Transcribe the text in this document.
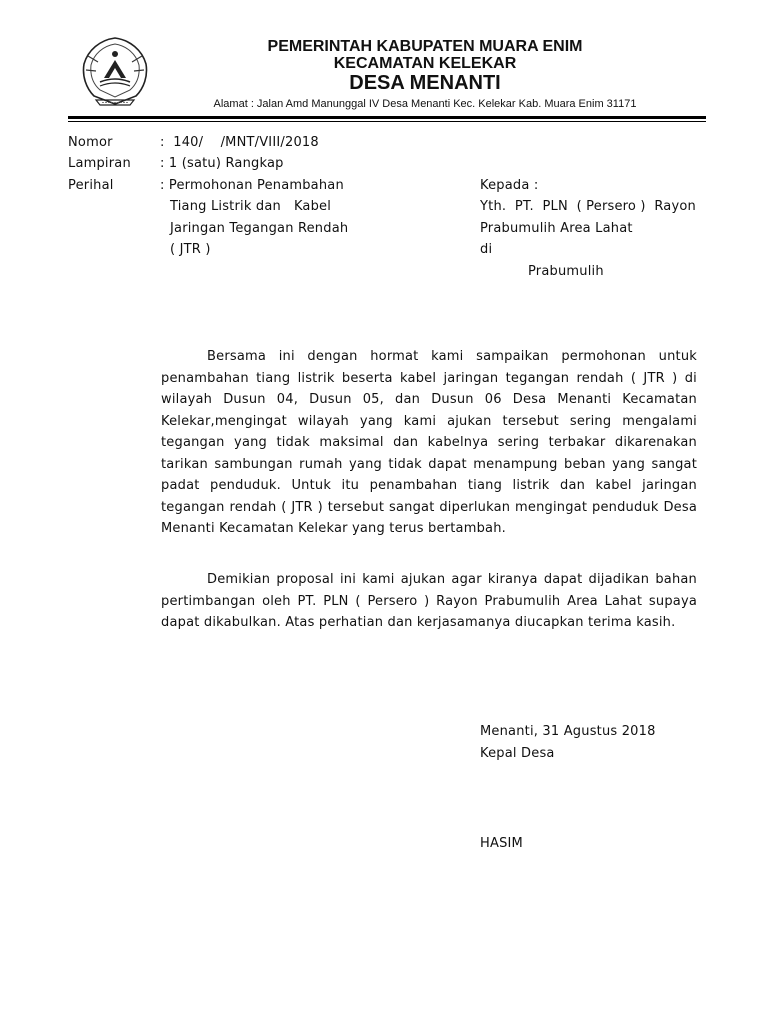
PEMERINTAH KABUPATEN MUARA ENIM
KECAMATAN KELEKAR
DESA MENANTI
Alamat : Jalan Amd Manunggal IV Desa Menanti Kec. Kelekar Kab. Muara Enim 31171
Nomor	:  140/    /MNT/VIII/2018
Lampiran : 1 (satu) Rangkap
Perihal	: Permohonan Penambahan
Tiang Listrik dan   Kabel
Jaringan Tegangan Rendah
( JTR )
Kepada :
Yth.  PT.  PLN  ( Persero )  Rayon
Prabumulih Area Lahat
di
Prabumulih
Bersama ini dengan hormat kami sampaikan permohonan untuk penambahan tiang listrik beserta kabel jaringan tegangan rendah ( JTR ) di wilayah Dusun 04, Dusun 05, dan Dusun 06 Desa Menanti Kecamatan Kelekar,mengingat wilayah yang kami ajukan tersebut sering mengalami tegangan yang tidak maksimal dan kabelnya sering terbakar dikarenakan tarikan sambungan rumah yang tidak dapat menampung beban yang sangat padat penduduk. Untuk itu penambahan tiang listrik dan kabel jaringan tegangan rendah ( JTR ) tersebut sangat diperlukan mengingat penduduk Desa Menanti Kecamatan Kelekar yang terus bertambah.
Demikian proposal ini kami ajukan agar kiranya dapat dijadikan bahan pertimbangan oleh PT. PLN ( Persero ) Rayon Prabumulih Area Lahat supaya dapat dikabulkan. Atas perhatian dan kerjasamanya diucapkan terima kasih.
Menanti, 31 Agustus 2018
Kepal Desa
HASIM
